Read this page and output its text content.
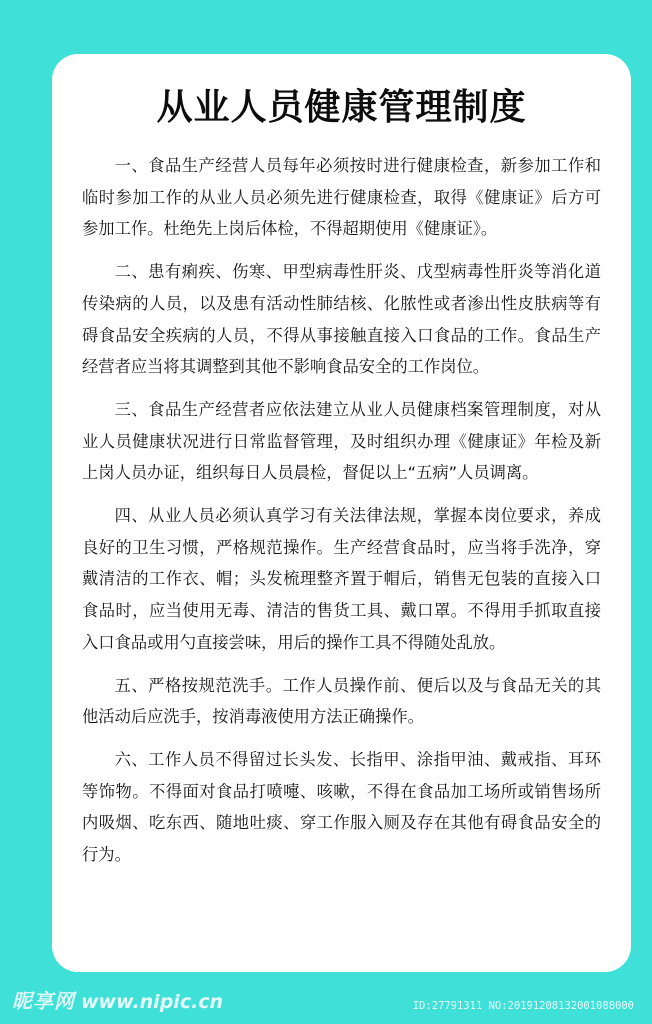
从业人员健康管理制度

一、食品生产经营人员每年必须按时进行健康检查，新参加工作和临时参加工作的从业人员必须先进行健康检查，取得《健康证》后方可参加工作。杜绝先上岗后体检，不得超期使用《健康证》。

二、患有痢疾、伤寒、甲型病毒性肝炎、戊型病毒性肝炎等消化道传染病的人员，以及患有活动性肺结核、化脓性或者渗出性皮肤病等有碍食品安全疾病的人员，不得从事接触直接入口食品的工作。食品生产经营者应当将其调整到其他不影响食品安全的工作岗位。

三、食品生产经营者应依法建立从业人员健康档案管理制度，对从业人员健康状况进行日常监督管理，及时组织办理《健康证》年检及新上岗人员办证，组织每日人员晨检，督促以上“五病”人员调离。

四、从业人员必须认真学习有关法律法规，掌握本岗位要求，养成良好的卫生习惯，严格规范操作。生产经营食品时，应当将手洗净，穿戴清洁的工作衣、帽；头发梳理整齐置于帽后，销售无包装的直接入口食品时，应当使用无毒、清洁的售货工具、戴口罩。不得用手抓取直接入口食品或用勺直接尝味，用后的操作工具不得随处乱放。

五、严格按规范洗手。工作人员操作前、便后以及与食品无关的其他活动后应洗手，按消毒液使用方法正确操作。

六、工作人员不得留过长头发、长指甲、涂指甲油、戴戒指、耳环等饰物。不得面对食品打喷嚏、咳嗽，不得在食品加工场所或销售场所内吸烟、吃东西、随地吐痰、穿工作服入厕及存在其他有碍食品安全的行为。

昵享网 www.nipic.cn	ID:27791311 NO:20191208132001088000
